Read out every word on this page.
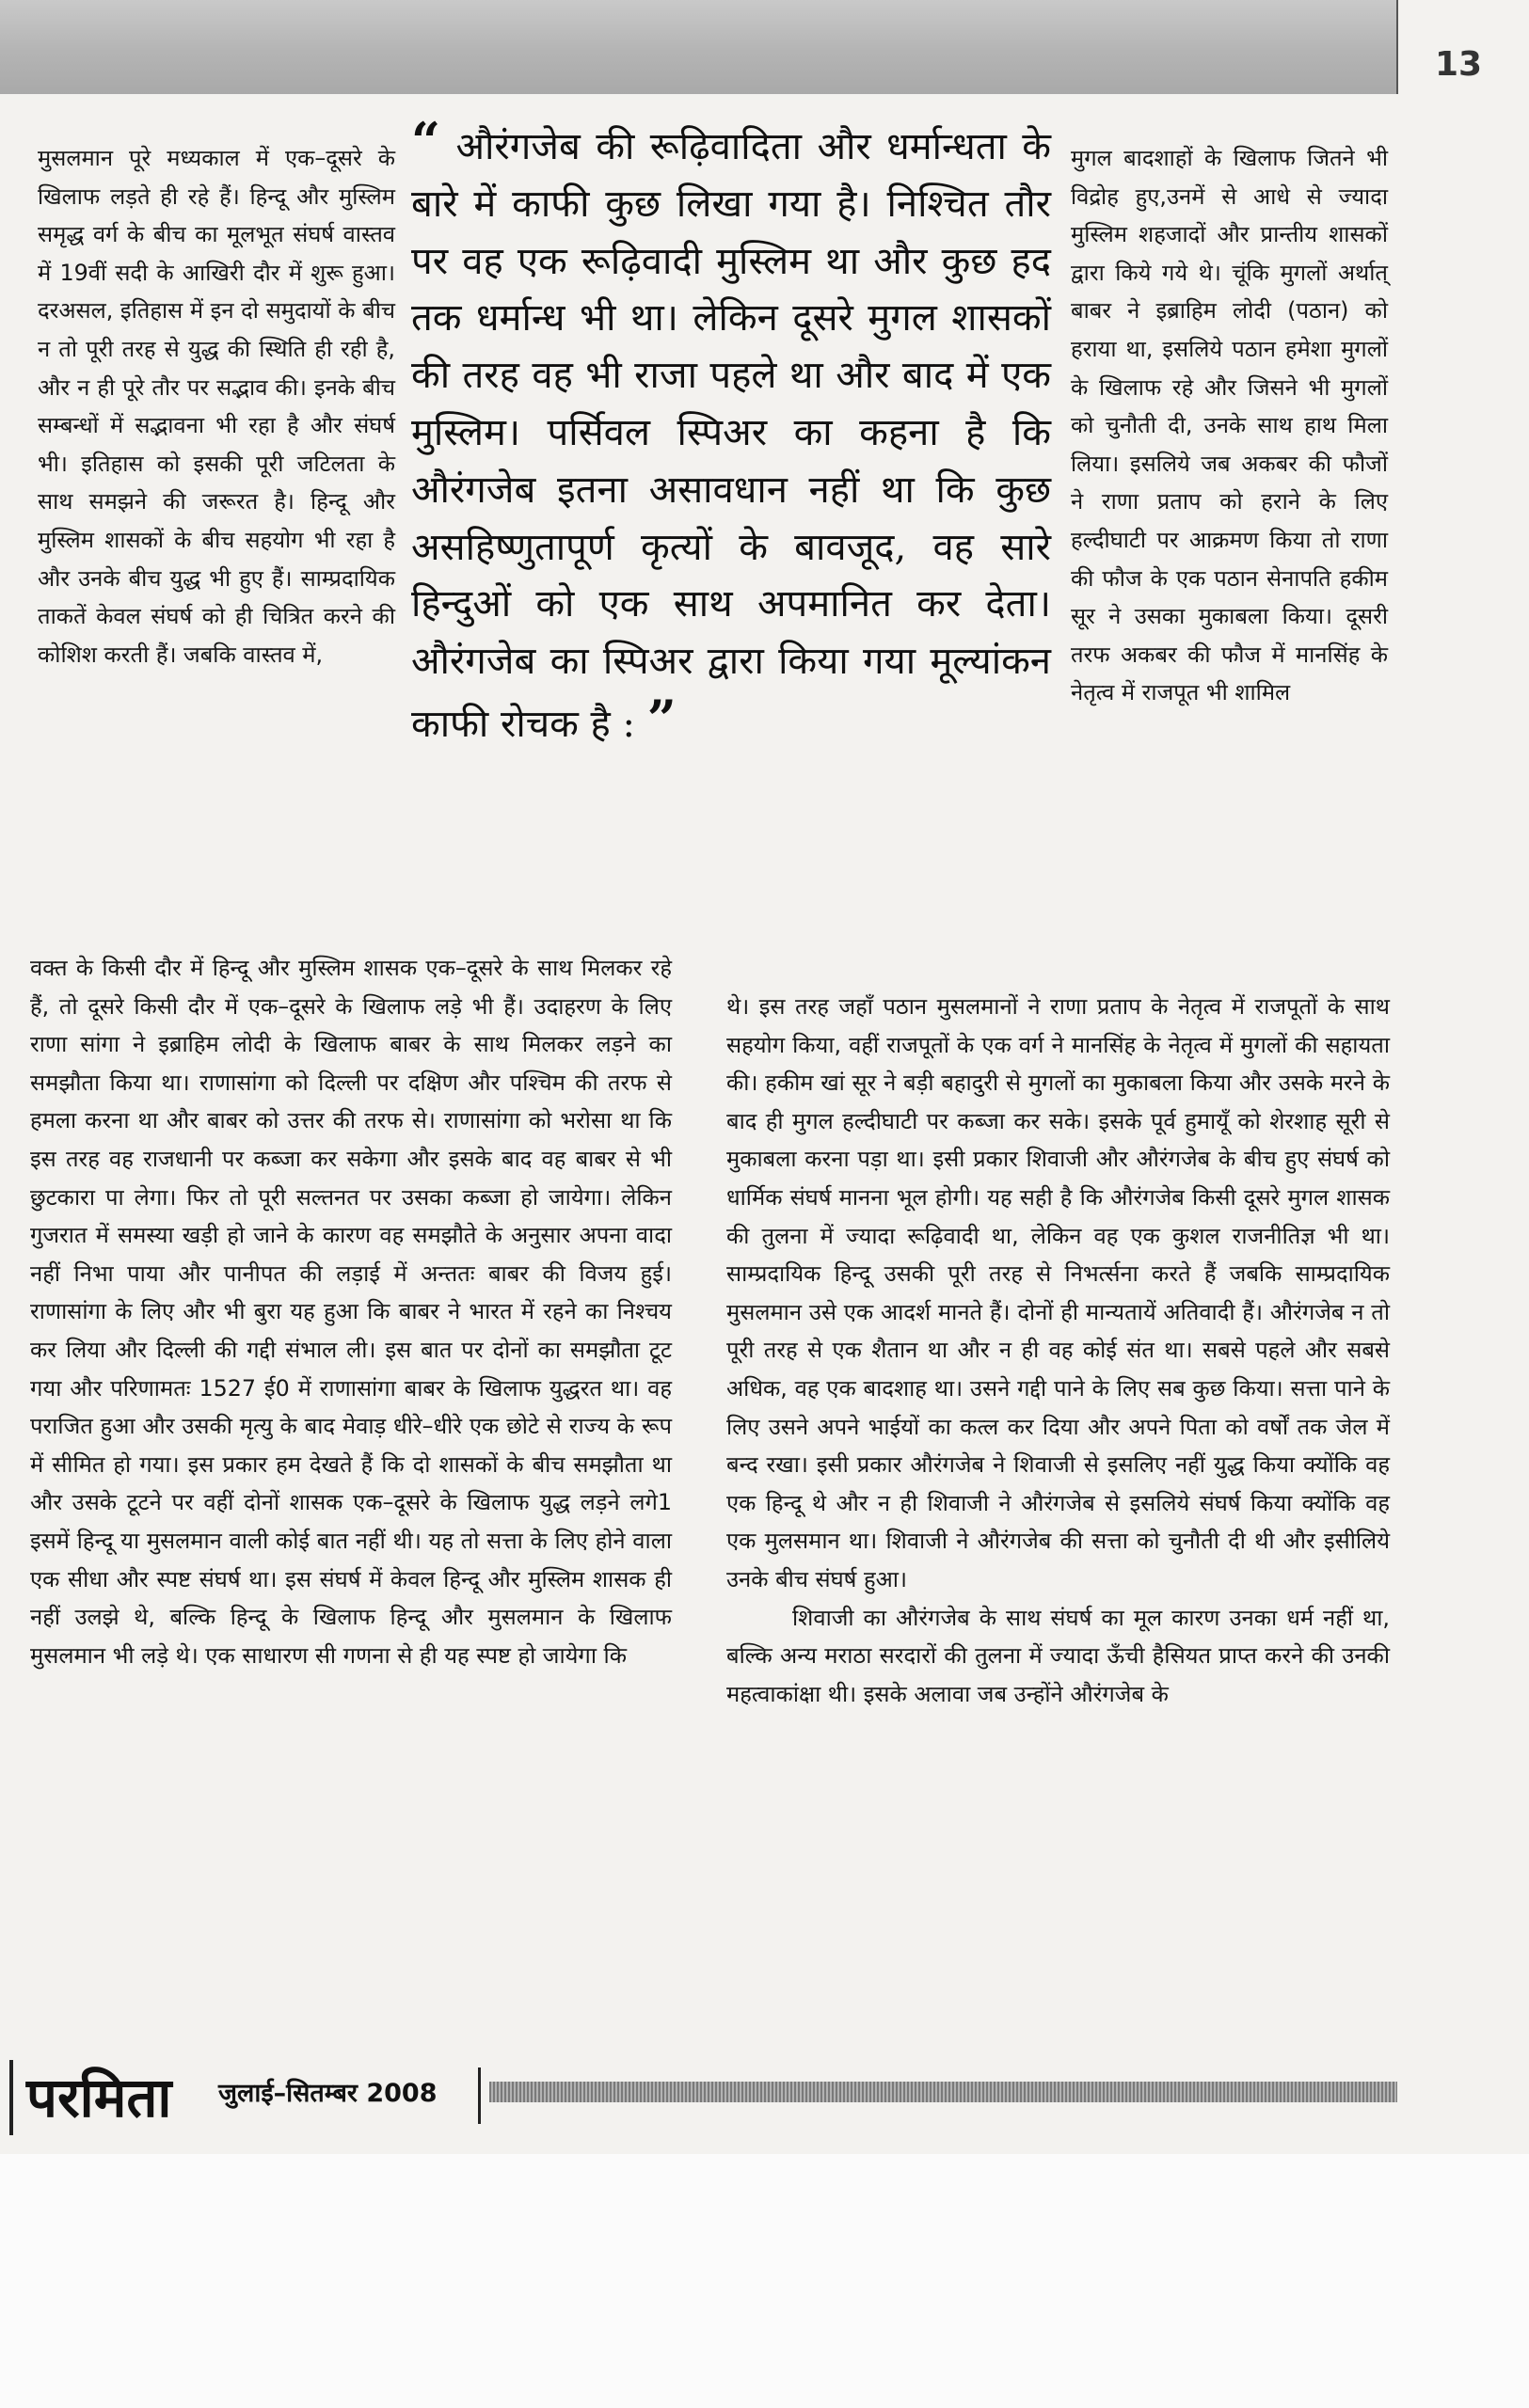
13

मुसलमान पूरे मध्यकाल में एक–दूसरे के खिलाफ लड़ते ही रहे हैं। हिन्दू और मुस्लिम समृद्ध वर्ग के बीच का मूलभूत संघर्ष वास्तव में 19वीं सदी के आखिरी दौर में शुरू हुआ। दरअसल, इतिहास में इन दो समुदायों के बीच न तो पूरी तरह से युद्ध की स्थिति ही रही है, और न ही पूरे तौर पर सद्भाव की। इनके बीच सम्बन्धों में सद्भावना भी रहा है और संघर्ष भी। इतिहास को इसकी पूरी जटिलता के साथ समझने की जरूरत है। हिन्दू और मुस्लिम शासकों के बीच सहयोग भी रहा है और उनके बीच युद्ध भी हुए हैं। साम्प्रदायिक ताकतें केवल संघर्ष को ही चित्रित करने की कोशिश करती हैं। जबकि वास्तव में,

“ औरंगजेब की रूढ़िवादिता और धर्मान्धता के बारे में काफी कुछ लिखा गया है। निश्चित तौर पर वह एक रूढ़िवादी मुस्लिम था और कुछ हद तक धर्मान्ध भी था। लेकिन दूसरे मुगल शासकों की तरह वह भी राजा पहले था और बाद में एक मुस्लिम। पर्सिवल स्पिअर का कहना है कि औरंगजेब इतना असावधान नहीं था कि कुछ असहिष्णुतापूर्ण कृत्यों के बावजूद, वह सारे हिन्दुओं को एक साथ अपमानित कर देता। औरंगजेब का स्पिअर द्वारा किया गया मूल्यांकन काफी रोचक है : ”

मुगल बादशाहों के खिलाफ जितने भी विद्रोह हुए,उनमें से आधे से ज्यादा मुस्लिम शहजादों और प्रान्तीय शासकों द्वारा किये गये थे। चूंकि मुगलों अर्थात् बाबर ने इब्राहिम लोदी (पठान) को हराया था, इसलिये पठान हमेशा मुगलों के खिलाफ रहे और जिसने भी मुगलों को चुनौती दी, उनके साथ हाथ मिला लिया। इसलिये जब अकबर की फौजों ने राणा प्रताप को हराने के लिए हल्दीघाटी पर आक्रमण किया तो राणा की फौज के एक पठान सेनापति हकीम सूर ने उसका मुकाबला किया। दूसरी तरफ अकबर की फौज में मानसिंह के नेतृत्व में राजपूत भी शामिल

वक्त के किसी दौर में हिन्दू और मुस्लिम शासक एक–दूसरे के साथ मिलकर रहे हैं, तो दूसरे किसी दौर में एक–दूसरे के खिलाफ लड़े भी हैं। उदाहरण के लिए राणा सांगा ने इब्राहिम लोदी के खिलाफ बाबर के साथ मिलकर लड़ने का समझौता किया था। राणासांगा को दिल्ली पर दक्षिण और पश्चिम की तरफ से हमला करना था और बाबर को उत्तर की तरफ से। राणासांगा को भरोसा था कि इस तरह वह राजधानी पर कब्जा कर सकेगा और इसके बाद वह बाबर से भी छुटकारा पा लेगा। फिर तो पूरी सल्तनत पर उसका कब्जा हो जायेगा। लेकिन गुजरात में समस्या खड़ी हो जाने के कारण वह समझौते के अनुसार अपना वादा नहीं निभा पाया और पानीपत की लड़ाई में अन्ततः बाबर की विजय हुई। राणासांगा के लिए और भी बुरा यह हुआ कि बाबर ने भारत में रहने का निश्चय कर लिया और दिल्ली की गद्दी संभाल ली। इस बात पर दोनों का समझौता टूट गया और परिणामतः 1527 ई0 में राणासांगा बाबर के खिलाफ युद्धरत था। वह पराजित हुआ और उसकी मृत्यु के बाद मेवाड़ धीरे–धीरे एक छोटे से राज्य के रूप में सीमित हो गया। इस प्रकार हम देखते हैं कि दो शासकों के बीच समझौता था और उसके टूटने पर वहीं दोनों शासक एक–दूसरे के खिलाफ युद्ध लड़ने लगे1 इसमें हिन्दू या मुसलमान वाली कोई बात नहीं थी। यह तो सत्ता के लिए होने वाला एक सीधा और स्पष्ट संघर्ष था। इस संघर्ष में केवल हिन्दू और मुस्लिम शासक ही नहीं उलझे थे, बल्कि हिन्दू के खिलाफ हिन्दू और मुसलमान के खिलाफ मुसलमान भी लड़े थे। एक साधारण सी गणना से ही यह स्पष्ट हो जायेगा कि

थे। इस तरह जहाँ पठान मुसलमानों ने राणा प्रताप के नेतृत्व में राजपूतों के साथ सहयोग किया, वहीं राजपूतों के एक वर्ग ने मानसिंह के नेतृत्व में मुगलों की सहायता की। हकीम खां सूर ने बड़ी बहादुरी से मुगलों का मुकाबला किया और उसके मरने के बाद ही मुगल हल्दीघाटी पर कब्जा कर सके। इसके पूर्व हुमायूँ को शेरशाह सूरी से मुकाबला करना पड़ा था। इसी प्रकार शिवाजी और औरंगजेब के बीच हुए संघर्ष को धार्मिक संघर्ष मानना भूल होगी। यह सही है कि औरंगजेब किसी दूसरे मुगल शासक की तुलना में ज्यादा रूढ़िवादी था, लेकिन वह एक कुशल राजनीतिज्ञ भी था। साम्प्रदायिक हिन्दू उसकी पूरी तरह से निभर्त्सना करते हैं जबकि साम्प्रदायिक मुसलमान उसे एक आदर्श मानते हैं। दोनों ही मान्यतायें अतिवादी हैं। औरंगजेब न तो पूरी तरह से एक शैतान था और न ही वह कोई संत था। सबसे पहले और सबसे अधिक, वह एक बादशाह था। उसने गद्दी पाने के लिए सब कुछ किया। सत्ता पाने के लिए उसने अपने भाईयों का कत्ल कर दिया और अपने पिता को वर्षों तक जेल में बन्द रखा। इसी प्रकार औरंगजेब ने शिवाजी से इसलिए नहीं युद्ध किया क्योंकि वह एक हिन्दू थे और न ही शिवाजी ने औरंगजेब से इसलिये संघर्ष किया क्योंकि वह एक मुलसमान था। शिवाजी ने औरंगजेब की सत्ता को चुनौती दी थी और इसीलिये उनके बीच संघर्ष हुआ।

शिवाजी का औरंगजेब के साथ संघर्ष का मूल कारण उनका धर्म नहीं था, बल्कि अन्य मराठा सरदारों की तुलना में ज्यादा ऊँची हैसियत प्राप्त करने की उनकी महत्वाकांक्षा थी। इसके अलावा जब उन्होंने औरंगजेब के

परमिता जुलाई–सितम्बर 2008
